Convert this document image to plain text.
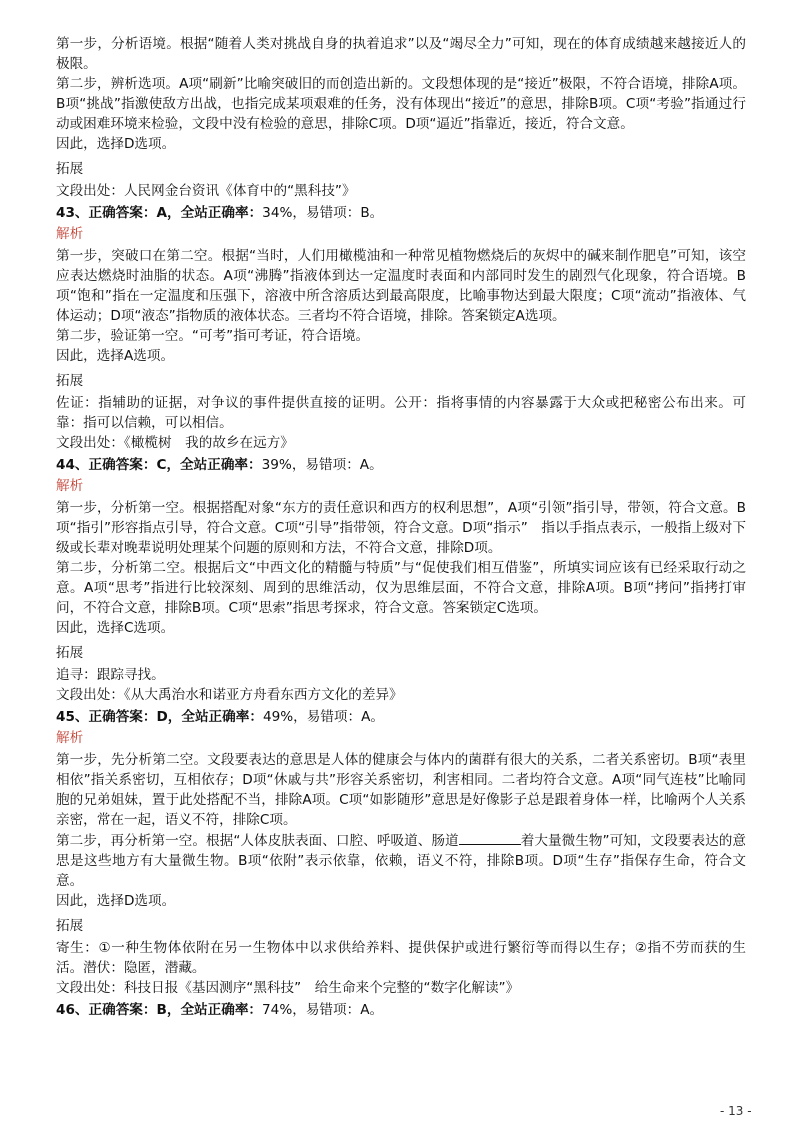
第一步，分析语境。根据“随着人类对挑战自身的执着追求”以及“竭尽全力”可知，现在的体育成绩越来越接近人的极限。

第二步，辨析选项。A项“刷新”比喻突破旧的而创造出新的。文段想体现的是“接近”极限，不符合语境，排除A项。B项“挑战”指激使敌方出战，也指完成某项艰难的任务，没有体现出“接近”的意思，排除B项。C项“考验”指通过行动或困难环境来检验，文段中没有检验的意思，排除C项。D项“逼近”指靠近，接近，符合文意。

因此，选择D选项。

拓展

文段出处：人民网金台资讯《体育中的“黑科技”》

43、正确答案：A，全站正确率：34%，易错项：B。

解析

第一步，突破口在第二空。根据“当时，人们用橄榄油和一种常见植物燃烧后的灰烬中的碱来制作肥皂”可知，该空应表达燃烧时油脂的状态。A项“沸腾”指液体到达一定温度时表面和内部同时发生的剧烈气化现象，符合语境。B项“饱和”指在一定温度和压强下，溶液中所含溶质达到最高限度，比喻事物达到最大限度；C项“流动”指液体、气体运动；D项“液态”指物质的液体状态。三者均不符合语境，排除。答案锁定A选项。

第二步，验证第一空。“可考”指可考证，符合语境。

因此，选择A选项。

拓展

佐证：指辅助的证据，对争议的事件提供直接的证明。公开：指将事情的内容暴露于大众或把秘密公布出来。可靠：指可以信赖，可以相信。

文段出处：《橄榄树　我的故乡在远方》

44、正确答案：C，全站正确率：39%，易错项：A。

解析

第一步，分析第一空。根据搭配对象“东方的责任意识和西方的权利思想”，A项“引领”指引导，带领，符合文意。B项“指引”形容指点引导，符合文意。C项“引导”指带领，符合文意。D项“指示”　指以手指点表示，一般指上级对下级或长辈对晚辈说明处理某个问题的原则和方法，不符合文意，排除D项。

第二步，分析第二空。根据后文“中西文化的精髓与特质”与“促使我们相互借鉴”，所填实词应该有已经采取行动之意。A项“思考”指进行比较深刻、周到的思维活动，仅为思维层面，不符合文意，排除A项。B项“拷问”指拷打审问，不符合文意，排除B项。C项“思索”指思考探求，符合文意。答案锁定C选项。

因此，选择C选项。

拓展

追寻：跟踪寻找。

文段出处：《从大禹治水和诺亚方舟看东西方文化的差异》

45、正确答案：D，全站正确率：49%，易错项：A。

解析

第一步，先分析第二空。文段要表达的意思是人体的健康会与体内的菌群有很大的关系，二者关系密切。B项“表里相依”指关系密切，互相依存；D项“休戚与共”形容关系密切，利害相同。二者均符合文意。A项“同气连枝”比喻同胞的兄弟姐妹，置于此处搭配不当，排除A项。C项“如影随形”意思是好像影子总是跟着身体一样，比喻两个人关系亲密，常在一起，语义不符，排除C项。

第二步，再分析第一空。根据“人体皮肤表面、口腔、呼吸道、肠道	着大量微生物”可知，文段要表达的意思是这些地方有大量微生物。B项“依附”表示依靠，依赖，语义不符，排除B项。D项“生存”指保存生命，符合文意。

因此，选择D选项。

拓展

寄生：①一种生物体依附在另一生物体中以求供给养料、提供保护或进行繁衍等而得以生存；②指不劳而获的生活。潜伏：隐匿，潜藏。

文段出处：科技日报《基因测序“黑科技”　给生命来个完整的“数字化解读”》

46、正确答案：B，全站正确率：74%，易错项：A。

- 13 -
